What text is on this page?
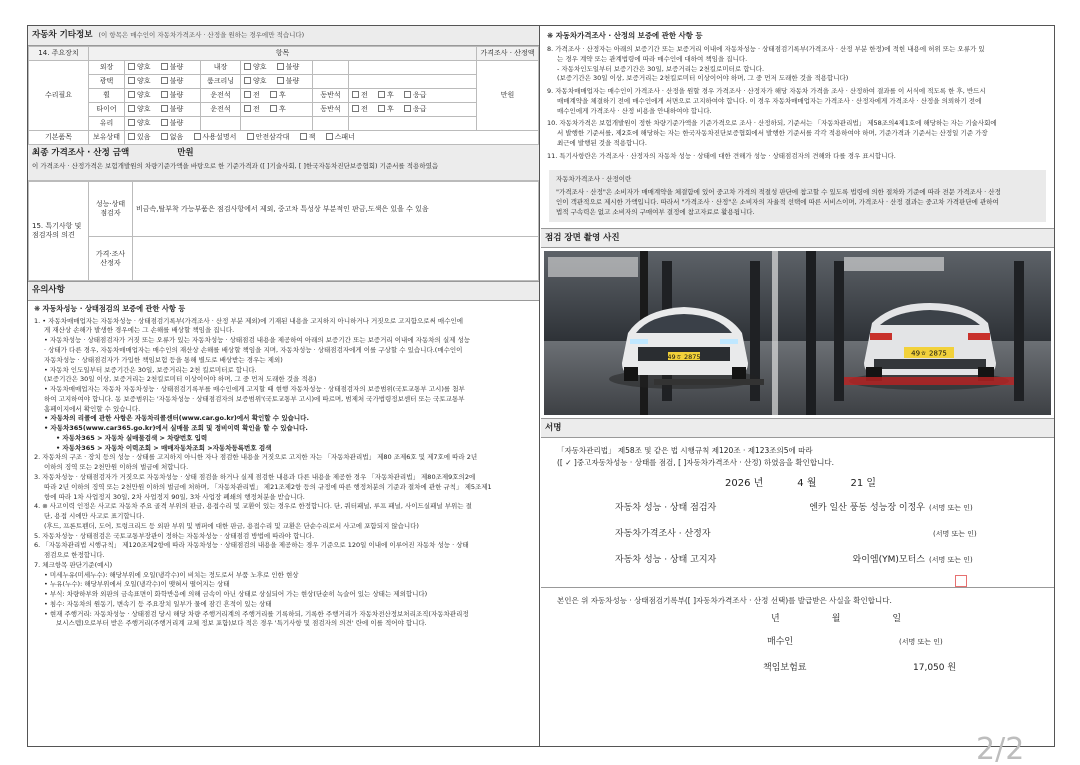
자동차 기타정보 (이 항목은 매수인이 자동차가격조사 · 산정을 원하는 경우에만 적습니다)
14. 주요장치	항목						가격조사 · 산정액
수리필요	외장	양호 불량	내장	양호 불량			만원
	광택	양호 불량	룸크리닝	양호 불량			
	휠	양호 불량	운전석	전 후	동반석	전 후 응급	
	타이어	양호 불량	운전석	전 후	동반석	전 후 응급	
	유리	양호 불량					
기본품목	보유상태	있음 없음 사용설명서 안전삼각대 잭 스패너					
최종 가격조사 · 산정 금액	만원
이 가격조사 · 산정가격은 보험개발원의 차량기준가액을 바탕으로 한 기준가격과 ([ ]기술사회, [ ]한국자동차진단보증협회) 기준서를 적용하였음
15. 특기사항 및 점검자의 의견	성능·상태 점검자	비금속,탈부착 가능부품은 점검사항에서 제외, 중고차 특성상 부분적인 판금,도색은 있을 수 있음
	가격·조사 산정자	
유의사항

❋ 자동차성능 · 상태점검의 보증에 관한 사항 등

1. • 자동차매매업자는 자동차성능 · 상태점검기록부(가격조사 · 산정 부분 제외)에 기재된 내용을 고지하지 아니하거나 거짓으로 고지함으로써 매수인에

게 재산상 손해가 발생한 경우에는 그 손해를 배상할 책임을 집니다.

• 자동차성능 · 상태점검자가 거짓 또는 오류가 있는 자동차성능 · 상태점검 내용을 제공하여 아래의 보증기간 또는 보증거리 이내에 자동차의 실제 성능

· 상태가 다른 경우, 자동차매매업자는 매수인의 재산상 손해를 배상할 책임을 지며, 자동차성능 · 상태점검자에게 이를 구상할 수 있습니다.(매수인이

자동차성능 · 상태점검자가 가입한 책임보험 등을 통해 별도로 배상받는 경우는 제외)

• 자동차 인도일부터 보증기간은 30일, 보증거리는 2천 킬로미터로 합니다.

(보증기간은 30일 이상, 보증거리는 2천킬로미터 이상이어야 하며, 그 중 먼저 도래한 것을 적용)

• 자동차매매업자는 자동차 자동차성능 · 상태점검기록부를 매수인에게 고지할 때 현행 자동차성능 · 상태점검자의 보증범위(국토교통부 고시)를 첨부

하여 고지하여야 합니다. 동 보증범위는 '자동차성능 · 상태점검자의 보증범위'(국토교통부 고시)에 따르며, 범제처 국가법령정보센터 또는 국토교통부

홈페이지에서 확인할 수 있습니다.

• 자동차의 리콜에 관한 사항은 자동차리콜센터(www.car.go.kr)에서 확인할 수 있습니다.

• 자동차365(www.car365.go.kr)에서 실매물 조회 및 정비이력 확인을 할 수 있습니다.

• 자동차365 > 자동차 실매물검색 > 차량번호 입력

• 자동차365 > 자동차 이력조회 > 매매자동차조회 >자동차등록번호 검색

2. 자동차의 구조 · 장치 등의 성능 · 상태를 고지하지 아니한 자나 점검한 내용을 거짓으로 고지한 자는 「자동차관리법」 제80 조제6호 및 제7호에 따라 2년

이하의 징역 또는 2천만원 이하의 벌금에 처합니다.

3. 자동차성능 · 상태점검자가 거짓으로 자동차성능 · 상태 점검을 하거나 실제 점검한 내용과 다른 내용을 제공한 경우 「자동차관리법」 제80조제9호의2에

따라 2년 이하의 징역 또는 2천만원 이하의 벌금에 처하며, 「자동차관리법」 제21조제2항 등의 규정에 따른 행정처분의 기준과 절차에 관한 규칙」 제5조제1

항에 따라 1차 사업정지 30일, 2차 사업정지 90일, 3차 사업장 폐쇄의 행정처분을 받습니다.

4. ⊚ 사고이력 인정은 사고로 자동차 주요 골격 부위의 판금, 용접수리 및 교환이 있는 경우로 한정합니다. 단, 쿼터패널, 루프 패널, 사이드실패널 부위는 절

단, 용접 시에만 사고로 표기합니다.

(후드, 프론트펜더, 도어, 트렁크리드 등 외판 부위 및 범퍼에 대한 판금, 용접수리 및 교환은 단순수리로서 사고에 포함되지 않습니다)

5. 자동차성능 · 상태점검은 국토교통부장관이 정하는 자동차성능 · 상태점검 방법에 따라야 합니다.

6. 「자동차관리법 시행규칙」 제120조제2항에 따라 자동차성능 · 상태점검의 내용을 제공하는 경우 기준으로 120일 이내에 이루어진 자동차 성능 · 상태

점검으로 한정합니다.

7. 체크항목 판단기준(예시)

• 미세누유(미세누수): 해당부위에 오일(냉각수)이 비치는 정도로서 부품 노후로 인한 현상

• 누유(누수): 해당부위에서 오일(냉각수)이 맺혀서 떨어지는 상태

• 부식: 차량하부와 외판의 금속표면이 화학반응에 의해 금속이 아닌 상태로 상실되어 가는 현상(단순히 녹슬어 있는 상태는 제외합니다)

• 침수: 자동차의 원동기, 변속기 등 주요장치 일부가 물에 잠긴 흔적이 있는 상태

• 현재 주행거리: 자동차성능 · 상태점검 당시 해당 차량 주행거리계의 주행거리를 기록하되, 기록한 주행거리가 자동차전산정보처리조직(자동차관리정

보시스템)으로부터 받은 주행거리(주행거리계 교체 정보 포함)보다 적은 경우 '특기사항 및 점검자의 의견' 란에 이를 적어야 합니다.

❋ 자동차가격조사 · 산정의 보증에 관한 사항 등

8. 가격조사 · 산정자는 아래의 보증기간 또는 보증거리 이내에 자동차성능 · 상태점검기록부(가격조사 · 산정 부분 한정)에 적힌 내용에 허위 또는 오류가 있

는 경우 계약 또는 관계법령에 따라 매수인에 대하여 책임을 집니다.

- 자동차인도일부터 보증기간은 30일, 보증거리는 2천킬로미터로 합니다.

(보증기간은 30일 이상, 보증거리는 2천킬로미터 이상이어야 하며, 그 중 먼저 도래한 것을 적용합니다)

9. 자동차매매업자는 매수인이 가격조사 · 산정을 원할 경우 가격조사 · 산정자가 해당 자동차 가격을 조사 · 산정하여 결과를 이 서식에 적도록 한 후, 반드시

매매계약을 체결하기 전에 매수인에게 서면으로 고지하여야 합니다. 이 경우 자동차매매업자는 가격조사 · 산정자에게 가격조사 · 산정을 의뢰하기 전에

매수인에게 가격조사 · 산정 비용을 안내하여야 합니다.

10. 자동차가격은 보험개발원이 정한 차량기준가액을 기준가격으로 조사 · 산정하되, 기준서는 「자동차관리법」 제58조의4제1호에 해당하는 자는 기술사회에

서 발행한 기준서를, 제2호에 해당하는 자는 한국자동차진단보증협회에서 발행한 기준서를 각각 적용하여야 하며, 기준가격과 기준서는 산정일 기준 가장

최근에 발행된 것을 적용합니다.

11. 특기사항란은 가격조사 · 산정자의 자동차 성능 · 상태에 대한 견해가 성능 · 상태점검자의 견해와 다를 경우 표시합니다.

자동차가격조사 · 산정이란

"가격조사 · 산정"은 소비자가 매매계약을 체결함에 있어 중고차 가격의 적절성 판단에 참고할 수 있도록 법령에 의한 절차와 기준에 따라 전문 가격조사 · 산정

인이 객관적으로 제시한 가액입니다. 따라서 "가격조사 · 산정"은 소비자의 자율적 선택에 따른 서비스이며, 가격조사 · 산정 결과는 중고차 가격판단에 관하여

법적 구속력은 없고 소비자의 구매여부 결정에 참고자료로 활용됩니다.

점검 장면 촬영 사진
49ㅎ 2875	49ㅎ 2875
서명

「자동차관리법」 제58조 및 같은 법 시행규칙 제120조 · 제123조의5에 따라

([ ✓ ]중고자동차성능 · 상태를 점검, [ ]자동차가격조사 · 산정) 하였음을 확인합니다.

2026 년	4 월	21 일
자동차 성능 · 상태 점검자	엔카 일산 풍동 성능장 이정우 (서명 또는 인)
자동차가격조사 · 산정자	(서명 또는 인)
자동차 성능 · 상태 고지자	와이엠(YM)모터스 (서명 또는 인)

본인은 위 자동차성능 · 상태점검기록부([ ]자동차가격조사 · 산정 선택)를 발급받은 사실을 확인합니다.

년	월	일
매수인	(서명 또는 인)
책임보험료	17,050 원
2/2
